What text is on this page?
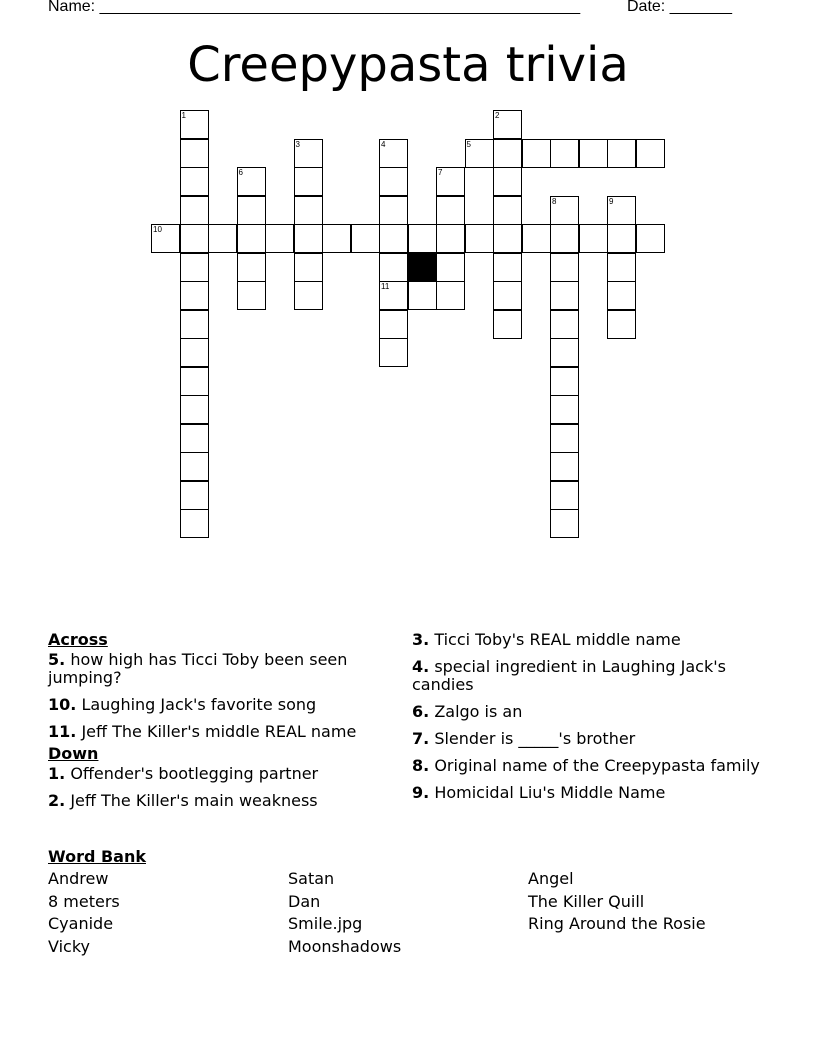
Name: ______________________________________________________	Date: _______
Creepypasta trivia
1	2
3	4
11
5
6	7
8	9
10
Across
5. how high has Ticci Toby been seen jumping?
10. Laughing Jack's favorite song
11. Jeff The Killer's middle REAL name
Down
1. Offender's bootlegging partner
2. Jeff The Killer's main weakness
3. Ticci Toby's REAL middle name
4. special ingredient in Laughing Jack's candies
6. Zalgo is an
7. Slender is _____'s brother
8. Original name of the Creepypasta family
9. Homicidal Liu's Middle Name
Word Bank
Andrew
8 meters
Cyanide
Vicky
Satan
Dan
Smile.jpg
Moonshadows
Angel
The Killer Quill
Ring Around the Rosie
